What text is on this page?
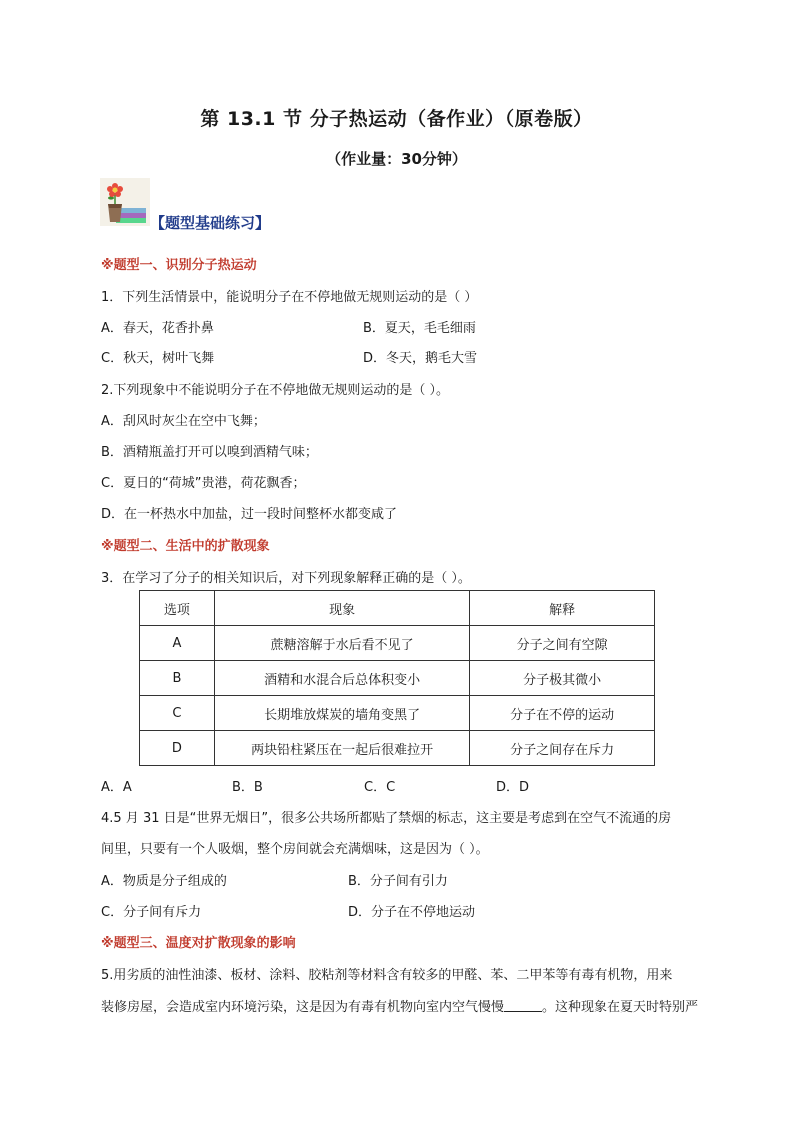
第 13.1 节 分子热运动（备作业）（原卷版）
（作业量：30分钟）
【题型基础练习】
※题型一、识别分子热运动
1．下列生活情景中，能说明分子在不停地做无规则运动的是（ ）
A．春天，花香扑鼻	B．夏天，毛毛细雨
C．秋天，树叶飞舞	D．冬天，鹅毛大雪
2.下列现象中不能说明分子在不停地做无规则运动的是（ ）。
A．刮风时灰尘在空中飞舞；
B．酒精瓶盖打开可以嗅到酒精气味；
C．夏日的“荷城”贵港，荷花飘香；
D．在一杯热水中加盐，过一段时间整杯水都变咸了
※题型二、生活中的扩散现象
3．在学习了分子的相关知识后，对下列现象解释正确的是（ ）。
选项	现象	解释
A	蔗糖溶解于水后看不见了	分子之间有空隙
B	酒精和水混合后总体积变小	分子极其微小
C	长期堆放煤炭的墙角变黑了	分子在不停的运动
D	两块铅柱紧压在一起后很难拉开	分子之间存在斥力
A．A	B．B	C．C	D．D
4.5 月 31 日是“世界无烟日”，很多公共场所都贴了禁烟的标志，这主要是考虑到在空气不流通的房
间里，只要有一个人吸烟，整个房间就会充满烟味，这是因为（ ）。
A．物质是分子组成的	B．分子间有引力
C．分子间有斥力	D．分子在不停地运动
※题型三、温度对扩散现象的影响
5.用劣质的油性油漆、板材、涂料、胶粘剂等材料含有较多的甲醛、苯、二甲苯等有毒有机物，用来
装修房屋，会造成室内环境污染，这是因为有毒有机物向室内空气慢慢	。这种现象在夏天时特别严
